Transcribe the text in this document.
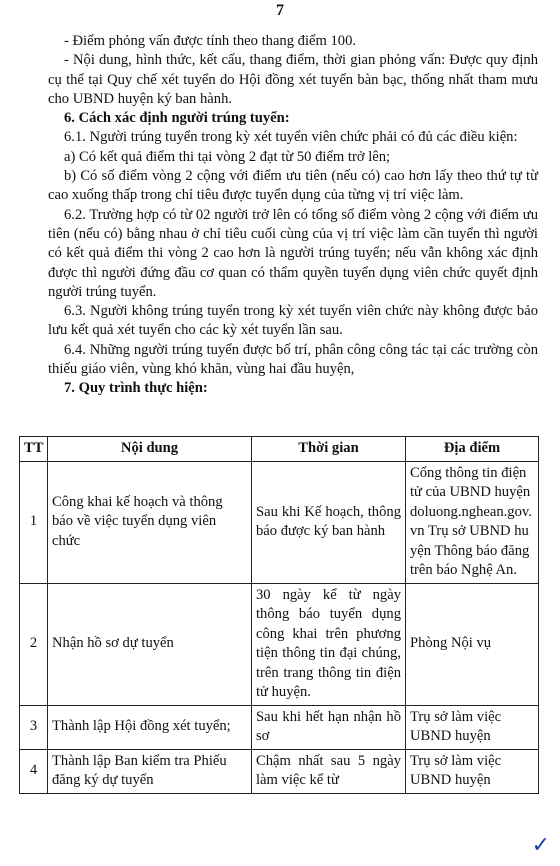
7

- Điểm phỏng vấn được tính theo thang điểm 100.

- Nội dung, hình thức, kết cấu, thang điểm, thời gian phỏng vấn: Được quy định cụ thể tại Quy chế xét tuyển do Hội đồng xét tuyển bàn bạc, thống nhất tham mưu cho UBND huyện ký ban hành.

6. Cách xác định người trúng tuyển:

6.1. Người trúng tuyển trong kỳ xét tuyển viên chức phải có đủ các điều kiện:

a) Có kết quả điểm thi tại vòng 2 đạt từ 50 điểm trở lên;

b) Có số điểm vòng 2 cộng với điểm ưu tiên (nếu có) cao hơn lấy theo thứ tự từ cao xuống thấp trong chỉ tiêu được tuyển dụng của từng vị trí việc làm.

6.2. Trường hợp có từ 02 người trở lên có tổng số điểm vòng 2 cộng với điểm ưu tiên (nếu có) bằng nhau ở chỉ tiêu cuối cùng của vị trí việc làm cần tuyển thì người có kết quả điểm thi vòng 2 cao hơn là người trúng tuyển; nếu vẫn không xác định được thì người đứng đầu cơ quan có thẩm quyền tuyển dụng viên chức quyết định người trúng tuyển.

6.3. Người không trúng tuyển trong kỳ xét tuyển viên chức này không được bảo lưu kết quả xét tuyển cho các kỳ xét tuyển lần sau.

6.4. Những người trúng tuyển được bố trí, phân công công tác tại các trường còn thiếu giáo viên, vùng khó khăn, vùng hai đầu huyện,

7. Quy trình thực hiện:

TT	Nội dung	Thời gian	Địa điểm
1	Công khai kế hoạch và thông báo về việc tuyển dụng viên chức	Sau khi Kế hoạch, thông báo được ký ban hành	Cổng thông tin điện tử của UBND huyện doluong.nghean.gov.vn Trụ sở UBND huyện Thông báo đăng trên báo Nghệ An.
2	Nhận hồ sơ dự tuyển	30 ngày kể từ ngày thông báo tuyển dụng công khai trên phương tiện thông tin đại chúng, trên trang thông tin điện tử huyện.	Phòng Nội vụ
3	Thành lập Hội đồng xét tuyển;	Sau khi hết hạn nhận hồ sơ	Trụ sở làm việc UBND huyện
4	Thành lập Ban kiểm tra Phiếu đăng ký dự tuyển	Chậm nhất sau 5 ngày làm việc kể từ	Trụ sở làm việc UBND huyện
✓
